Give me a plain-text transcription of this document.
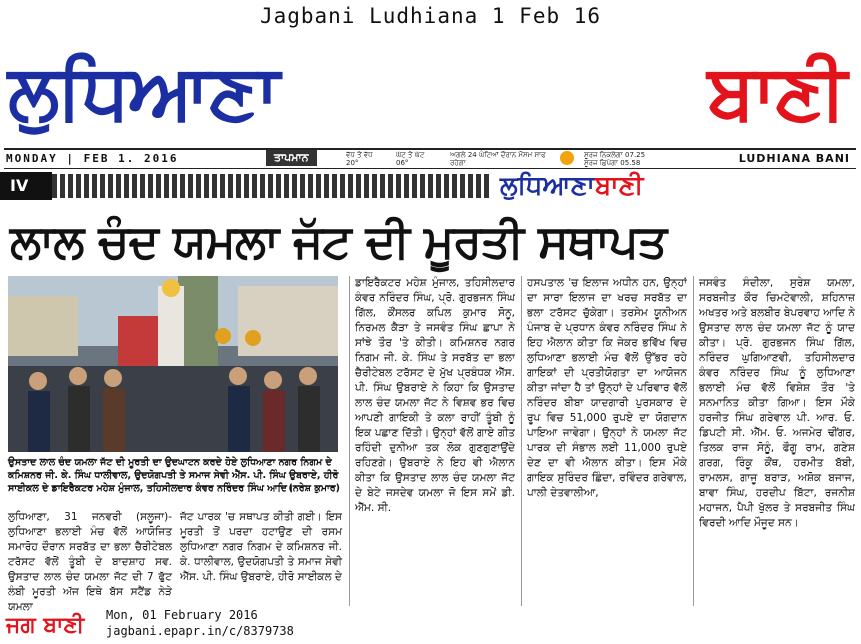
Jagbani Ludhiana 1 Feb 16
ਲੁਧਿਆਣਾ	ਬਾਣੀ
MONDAY | FEB 1. 2016	ਤਾਪਮਾਨ	ਵੱਧ ਤੋਂ ਵੱਧ
20°
ਘੱਟ ਤੋਂ ਘੱਟ
06°
ਅਗਲੇ 24 ਘੰਟਿਆਂ ਦੌਰਾਨ ਮੌਸਮ ਸਾਫ ਰਹੇਗਾ
ਸੂਰਜ ਨਿਕਲੇਗਾ 07.25
ਸੂਰਜ ਛਿਪੇਗਾ 05.58	LUDHIANA BANI
IV	ਲੁਧਿਆਣਾਬਾਣੀ
ਲਾਲ ਚੰਦ ਯਮਲਾ ਜੱਟ ਦੀ ਮੂਰਤੀ ਸਥਾਪਤ
ਉਸਤਾਦ ਲਾਲ ਚੰਦ ਯਮਲਾ ਜੱਟ ਦੀ ਮੂਰਤੀ ਦਾ ਉਦਘਾਟਨ ਕਰਦੇ ਹੋਏ ਲੁਧਿਆਣਾ ਨਗਰ ਨਿਗਮ ਦੇ ਕਮਿਸ਼ਨਰ ਜੀ. ਕੇ. ਸਿੰਘ ਧਾਲੀਵਾਲ, ਉਦਯੋਗਪਤੀ ਤੇ ਸਮਾਜ ਸੇਵੀ ਐੱਸ. ਪੀ. ਸਿੰਘ ਉਬਰਾਏ, ਹੀਰੋ ਸਾਈਕਲ ਦੇ ਡਾਇਰੈਕਟਰ ਮਹੇਸ਼ ਮੁੰਜਾਲ, ਤਹਿਸੀਲਦਾਰ ਕੰਵਰ ਨਰਿੰਦਰ ਸਿੰਘ ਆਦਿ।
(ਨਰੇਸ਼ ਕੁਮਾਰ)

ਲੁਧਿਆਣਾ, 31 ਜਨਵਰੀ (ਸਲੂਜਾ)- ਲੁਧਿਆਣਾ ਭਲਾਈ ਮੰਚ ਵੱਲੋਂ ਆਯੋਜਿਤ ਸਮਾਰੋਹ ਦੌਰਾਨ ਸਰਬੱਤ ਦਾ ਭਲਾ ਚੈਰੀਟੇਬਲ ਟਰੱਸਟ ਵੱਲੋਂ ਤੂੰਬੀ ਦੇ ਬਾਦਸ਼ਾਹ ਸਵ. ਉਸਤਾਦ ਲਾਲ ਚੰਦ ਯਮਲਾ ਜੱਟ ਦੀ 7 ਫੁੱਟ ਲੰਬੀ ਮੂਰਤੀ ਅੱਜ ਇਥੇ ਬੱਸ ਸਟੈਂਡ ਨੇੜੇ ਯਮਲਾ

ਜੱਟ ਪਾਰਕ 'ਚ ਸਥਾਪਤ ਕੀਤੀ ਗਈ। ਇਸ ਮੂਰਤੀ ਤੋਂ ਪਰਦਾ ਹਟਾਉਣ ਦੀ ਰਸਮ ਲੁਧਿਆਣਾ ਨਗਰ ਨਿਗਮ ਦੇ ਕਮਿਸ਼ਨਰ ਜੀ. ਕੇ. ਧਾਲੀਵਾਲ, ਉਦਯੋਗਪਤੀ ਤੇ ਸਮਾਜ ਸੇਵੀ ਐੱਸ. ਪੀ. ਸਿੰਘ ਉਬਰਾਏ, ਹੀਰੋ ਸਾਈਕਲ ਦੇ

ਡਾਇਰੈਕਟਰ ਮਹੇਸ਼ ਮੁੰਜਾਲ, ਤਹਿਸੀਲਦਾਰ ਕੰਵਰ ਨਰਿੰਦਰ ਸਿੰਘ, ਪ੍ਰੋ. ਗੁਰਭਜਨ ਸਿੰਘ ਗਿੱਲ, ਕੌਂਸਲਰ ਕਪਿਲ ਕੁਮਾਰ ਸੋਨੂ, ਨਿਰਮਲ ਕੈੜਾ ਤੇ ਜਸਵੰਤ ਸਿੰਘ ਛਾਪਾ ਨੇ ਸਾਂਝੇ ਤੌਰ 'ਤੇ ਕੀਤੀ। ਕਮਿਸ਼ਨਰ ਨਗਰ ਨਿਗਮ ਜੀ. ਕੇ. ਸਿੰਘ ਤੇ ਸਰਬੱਤ ਦਾ ਭਲਾ ਚੈਰੀਟੇਬਲ ਟਰੱਸਟ ਦੇ ਮੁੱਖ ਪ੍ਰਬੰਧਕ ਐੱਸ. ਪੀ. ਸਿੰਘ ਉਬਰਾਏ ਨੇ ਕਿਹਾ ਕਿ ਉਸਤਾਦ ਲਾਲ ਚੰਦ ਯਮਲਾ ਜੱਟ ਨੇ ਵਿਸ਼ਵ ਭਰ ਵਿਚ ਆਪਣੀ ਗਾਇਕੀ ਤੇ ਕਲਾ ਰਾਹੀਂ ਤੂੰਬੀ ਨੂੰ ਇਕ ਪਛਾਣ ਦਿੱਤੀ। ਉਨ੍ਹਾਂ ਵੱਲੋਂ ਗਾਏ ਗੀਤ ਰਹਿੰਦੀ ਦੁਨੀਆ ਤਕ ਲੋਕ ਗੁਣਗੁਣਾਉਂਦੇ ਰਹਿਣਗੇ। ਉਬਰਾਏ ਨੇ ਇਹ ਵੀ ਐਲਾਨ ਕੀਤਾ ਕਿ ਉਸਤਾਦ ਲਾਲ ਚੰਦ ਯਮਲਾ ਜੱਟ ਦੇ ਬੇਟੇ ਜਸਦੇਵ ਯਮਲਾ ਜੋ ਇਸ ਸਮੇਂ ਡੀ. ਐੱਮ. ਸੀ.

ਹਸਪਤਾਲ 'ਚ ਇਲਾਜ ਅਧੀਨ ਹਨ, ਉਨ੍ਹਾਂ ਦਾ ਸਾਰਾ ਇਲਾਜ ਦਾ ਖਰਚ ਸਰਬੱਤ ਦਾ ਭਲਾ ਟਰੱਸਟ ਚੁੱਕੇਗਾ। ਤਰਸੇਮ ਯੂਨੀਅਨ ਪੰਜਾਬ ਦੇ ਪ੍ਰਧਾਨ ਕੰਵਰ ਨਰਿੰਦਰ ਸਿੰਘ ਨੇ ਇਹ ਐਲਾਨ ਕੀਤਾ ਕਿ ਜੇਕਰ ਭਵਿੱਖ ਵਿਚ ਲੁਧਿਆਣਾ ਭਲਾਈ ਮੰਚ ਵੱਲੋਂ ਉੱਭਰ ਰਹੇ ਗਾਇਕਾਂ ਦੀ ਪ੍ਰਤੀਯੋਗਤਾ ਦਾ ਆਯੋਜਨ ਕੀਤਾ ਜਾਂਦਾ ਹੈ ਤਾਂ ਉਨ੍ਹਾਂ ਦੇ ਪਰਿਵਾਰ ਵੱਲੋਂ ਨਰਿੰਦਰ ਬੀਬਾ ਯਾਦਗਾਰੀ ਪੁਰਸਕਾਰ ਦੇ ਰੂਪ ਵਿਚ 51,000 ਰੁਪਏ ਦਾ ਯੋਗਦਾਨ ਪਾਇਆ ਜਾਵੇਗਾ। ਉਨ੍ਹਾਂ ਨੇ ਯਮਲਾ ਜੱਟ ਪਾਰਕ ਦੀ ਸੰਭਾਲ ਲਈ 11,000 ਰੁਪਏ ਦੇਣ ਦਾ ਵੀ ਐਲਾਨ ਕੀਤਾ। ਇਸ ਮੌਕੇ ਗਾਇਕ ਸੁਰਿੰਦਰ ਛਿੰਦਾ, ਰਵਿੰਦਰ ਗਰੇਵਾਲ, ਪਾਲੀ ਦੇਤਵਾਲੀਆ,

ਜਸਵੰਤ ਸੰਦੀਲਾ, ਸੁਰੇਸ਼ ਯਮਲਾ, ਸਰਬਜੀਤ ਕੌਰ ਚਿਮਟੇਵਾਲੀ, ਸ਼ਹਿਨਾਜ਼ ਅਖਤਰ ਅਤੇ ਬਲਬੀਰ ਬੇਪਰਵਾਹ ਆਦਿ ਨੇ ਉਸਤਾਦ ਲਾਲ ਚੰਦ ਯਮਲਾ ਜੱਟ ਨੂੰ ਯਾਦ ਕੀਤਾ। ਪ੍ਰੋ. ਗੁਰਭਜਨ ਸਿੰਘ ਗਿੱਲ, ਨਰਿੰਦਰ ਘੁਗਿਆਣਵੀ, ਤਹਿਸੀਲਦਾਰ ਕੰਵਰ ਨਰਿੰਦਰ ਸਿੰਘ ਨੂੰ ਲੁਧਿਆਣਾ ਭਲਾਈ ਮੰਚ ਵੱਲੋਂ ਵਿਸ਼ੇਸ਼ ਤੌਰ 'ਤੇ ਸਨਮਾਨਿਤ ਕੀਤਾ ਗਿਆ। ਇਸ ਮੌਕੇ ਹਰਜੀਤ ਸਿੰਘ ਗਰੇਵਾਲ ਪੀ. ਆਰ. ਓ. ਡਿਪਟੀ ਸੀ. ਐੱਮ. ਓ. ਅਜਮੇਰ ਢੀਂਗਰ, ਤਿਲਕ ਰਾਜ ਸੋਨੂੰ, ਫੌਗੂ ਰਾਮ, ਗਣੇਸ਼ ਗਰਗ, ਰਿੰਕੂ ਕੌਂਥ, ਹਰਮੀਤ ਬੱਬੀ, ਰਾਮਲਸ, ਗਾਜੂ ਬਰਾੜ, ਅਸ਼ੋਕ ਬਜਾਜ, ਬਾਵਾ ਸਿੰਘ, ਹਰਦੀਪ ਬਿੱਟਾ, ਰਜਨੀਸ਼ ਮਹਾਜਨ, ਪੈਪੀ ਖੁੱਲਰ ਤੇ ਸਰਬਜੀਤ ਸਿੰਘ ਵਿਰਦੀ ਆਦਿ ਮੌਜੂਦ ਸਨ।

ਜਗ ਬਾਣੀ	Mon, 01 February 2016
jagbani.epapr.in/c/8379738
